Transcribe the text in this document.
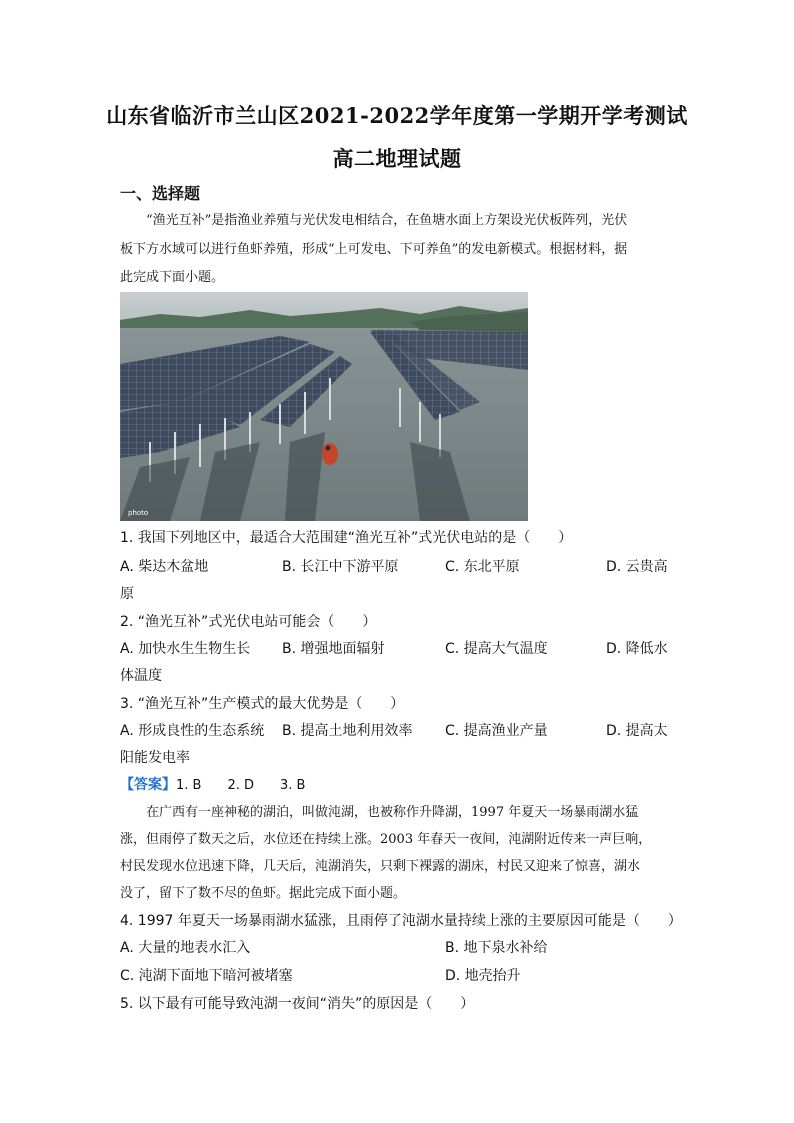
山东省临沂市兰山区2021-2022学年度第一学期开学考测试
高二地理试题
一、选择题
“渔光互补”是指渔业养殖与光伏发电相结合，在鱼塘水面上方架设光伏板阵列，光伏
板下方水域可以进行鱼虾养殖，形成“上可发电、下可养鱼”的发电新模式。根据材料，据
此完成下面小题。
photo
1. 我国下列地区中，最适合大范围建“渔光互补”式光伏电站的是（　　）
A. 柴达木盆地	B. 长江中下游平原	C. 东北平原	D. 云贵高
原
2. “渔光互补”式光伏电站可能会（　　）
A. 加快水生生物生长 B. 增强地面辐射	C. 提高大气温度	D. 降低水
体温度
3. “渔光互补”生产模式的最大优势是（　　）
A. 形成良性的生态系统 B. 提高土地利用效率 C. 提高渔业产量	D. 提高太
阳能发电率
【答案】1. B　　2. D　　3. B
在广西有一座神秘的湖泊，叫做沌湖，也被称作升降湖，1997 年夏天一场暴雨湖水猛
涨，但雨停了数天之后，水位还在持续上涨。2003 年春天一夜间，沌湖附近传来一声巨响，
村民发现水位迅速下降，几天后，沌湖消失，只剩下裸露的湖床，村民又迎来了惊喜，湖水
没了，留下了数不尽的鱼虾。据此完成下面小题。
4. 1997 年夏天一场暴雨湖水猛涨，且雨停了沌湖水量持续上涨的主要原因可能是（　　）
A. 大量的地表水汇入	B. 地下泉水补给
C. 沌湖下面地下暗河被堵塞	D. 地壳抬升
5. 以下最有可能导致沌湖一夜间“消失”的原因是（　　）
